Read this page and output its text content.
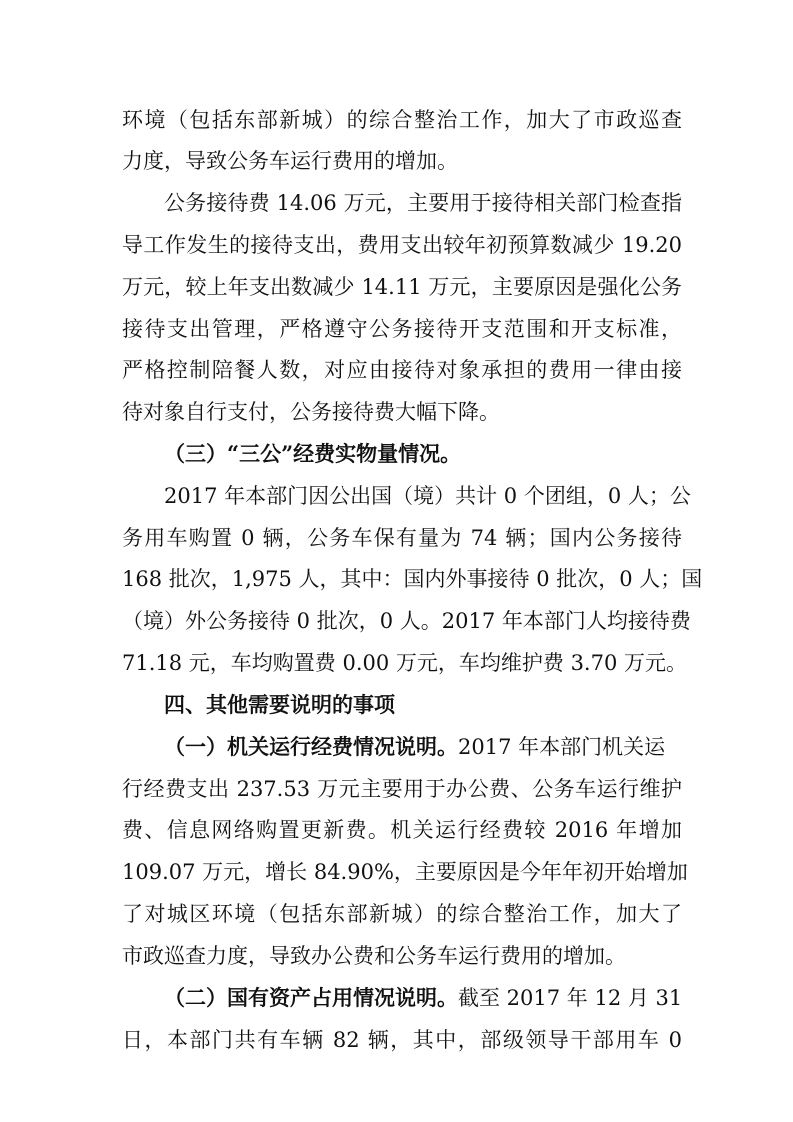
环境（包括东部新城）的综合整治工作，加大了市政巡查
力度，导致公务车运行费用的增加。
公务接待费 14.06 万元，主要用于接待相关部门检查指
导工作发生的接待支出，费用支出较年初预算数减少 19.20
万元，较上年支出数减少 14.11 万元，主要原因是强化公务
接待支出管理，严格遵守公务接待开支范围和开支标准，
严格控制陪餐人数，对应由接待对象承担的费用一律由接
待对象自行支付，公务接待费大幅下降。
（三）“三公”经费实物量情况。
2017 年本部门因公出国（境）共计 0 个团组，0 人；公
务用车购置 0 辆，公务车保有量为 74 辆；国内公务接待
168 批次，1,975 人，其中：国内外事接待 0 批次，0 人；国
（境）外公务接待 0 批次，0 人。2017 年本部门人均接待费
71.18 元，车均购置费 0.00 万元，车均维护费 3.70 万元。
四、其他需要说明的事项
（一）机关运行经费情况说明。2017 年本部门机关运
行经费支出 237.53 万元主要用于办公费、公务车运行维护
费、信息网络购置更新费。机关运行经费较 2016 年增加
109.07 万元，增长 84.90%，主要原因是今年年初开始增加
了对城区环境（包括东部新城）的综合整治工作，加大了
市政巡查力度，导致办公费和公务车运行费用的增加。
（二）国有资产占用情况说明。截至 2017 年 12 月 31
日，本部门共有车辆 82 辆，其中，部级领导干部用车 0
